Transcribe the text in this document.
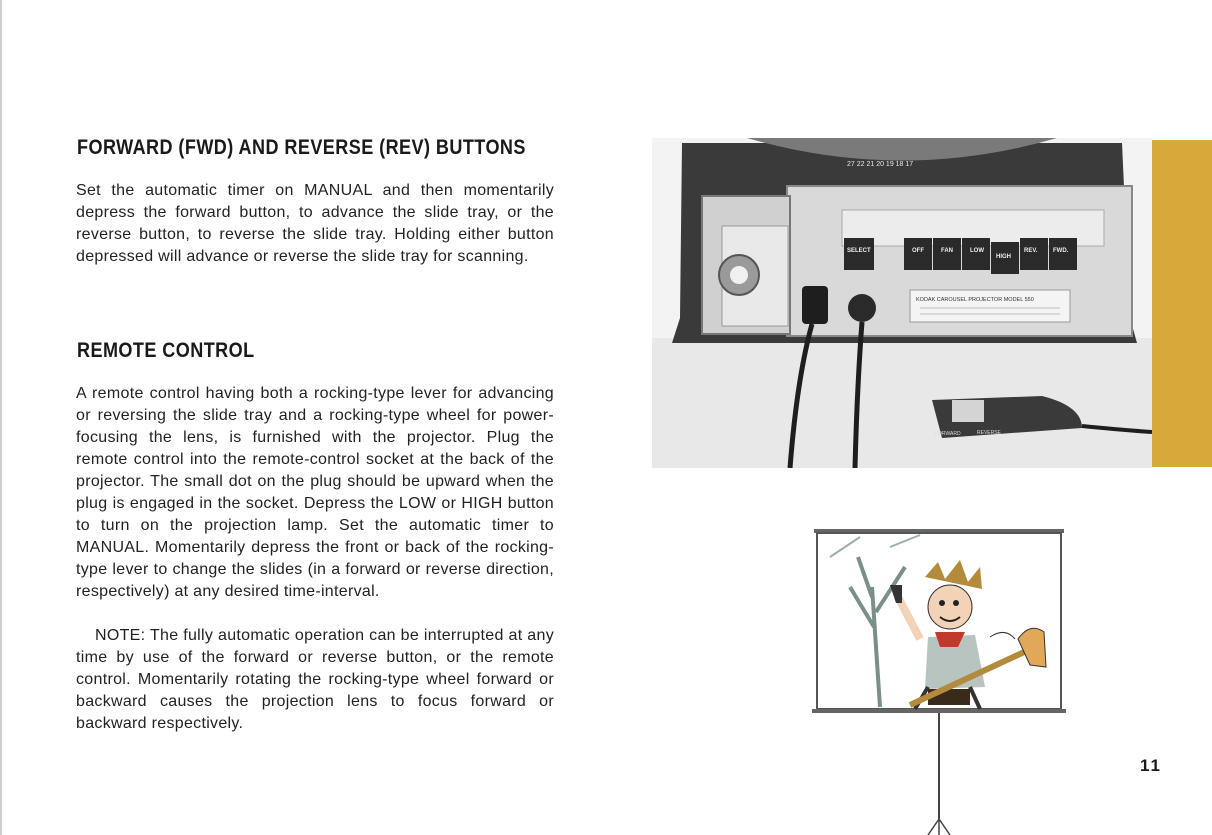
FORWARD (FWD) AND REVERSE (REV) BUTTONS

Set the automatic timer on MANUAL and then momentarily depress the forward button, to advance the slide tray, or the reverse button, to reverse the slide tray. Holding either button depressed will advance or reverse the slide tray for scanning.

REMOTE CONTROL

A remote control having both a rocking-type lever for advancing or reversing the slide tray and a rocking-type wheel for power-focusing the lens, is furnished with the projector. Plug the remote control into the remote-control socket at the back of the projector. The small dot on the plug should be upward when the plug is engaged in the socket. Depress the LOW or HIGH button to turn on the projection lamp. Set the automatic timer to MANUAL. Momentarily depress the front or back of the rocking-type lever to change the slides (in a forward or reverse direction, respectively) at any desired time-interval.

NOTE: The fully automatic operation can be interrupted at any time by use of the forward or reverse button, or the remote control. Momentarily rotating the rocking-type wheel forward or backward causes the projection lens to focus forward or backward respectively.

27 22 21 20 19 18 17
SELECT	OFF	FAN	LOW
HIGH
REV.	FWD.
KODAK CAROUSEL PROJECTOR MODEL 550
FORWARD	REVERSE
11
